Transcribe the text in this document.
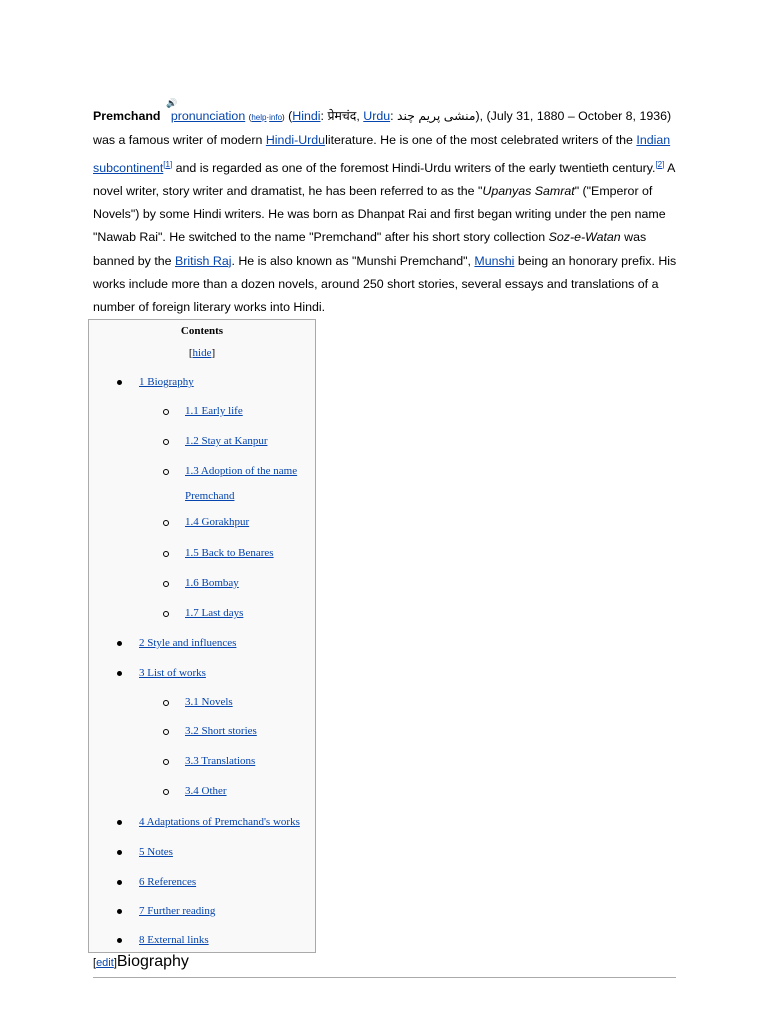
🔊

Premchand pronunciation (help·info) (Hindi: प्रेमचंद, Urdu: منشی پریم چند), (July 31, 1880 – October 8, 1936) was a famous writer of modern Hindi-Urduliterature. He is one of the most celebrated writers of the Indian subcontinent[1] and is regarded as one of the foremost Hindi-Urdu writers of the early twentieth century.[2] A novel writer, story writer and dramatist, he has been referred to as the "Upanyas Samrat" ("Emperor of Novels") by some Hindi writers. He was born as Dhanpat Rai and first began writing under the pen name "Nawab Rai". He switched to the name "Premchand" after his short story collection Soz-e-Watan was banned by the British Raj. He is also known as "Munshi Premchand", Munshi being an honorary prefix. His works include more than a dozen novels, around 250 short stories, several essays and translations of a number of foreign literary works into Hindi.

Contents
[hide]
1 Biography
1.1 Early life
1.2 Stay at Kanpur
1.3 Adoption of the name
Premchand
1.4 Gorakhpur
1.5 Back to Benares
1.6 Bombay
1.7 Last days
2 Style and influences
3 List of works
3.1 Novels
3.2 Short stories
3.3 Translations
3.4 Other
4 Adaptations of Premchand's works
5 Notes
6 References
7 Further reading
8 External links
[edit]Biography
